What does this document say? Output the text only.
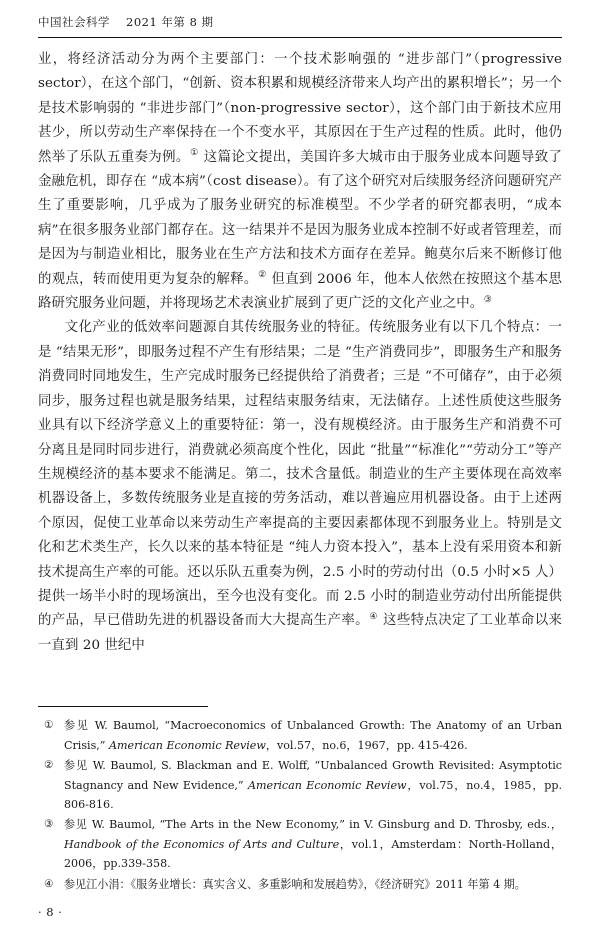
中国社会科学 2021 年第 8 期

业，将经济活动分为两个主要部门：一个技术影响强的 “进步部门”（progressive sector），在这个部门，“创新、资本积累和规模经济带来人均产出的累积增长”；另一个是技术影响弱的 “非进步部门”（non-progressive sector），这个部门由于新技术应用甚少，所以劳动生产率保持在一个不变水平，其原因在于生产过程的性质。此时，他仍然举了乐队五重奏为例。① 这篇论文提出，美国许多大城市由于服务业成本问题导致了金融危机，即存在 “成本病”（cost disease）。有了这个研究对后续服务经济问题研究产生了重要影响，几乎成为了服务业研究的标准模型。不少学者的研究都表明，“成本病”在很多服务业部门都存在。这一结果并不是因为服务业成本控制不好或者管理差，而是因为与制造业相比，服务业在生产方法和技术方面存在差异。鲍莫尔后来不断修订他的观点，转而使用更为复杂的解释。② 但直到 2006 年，他本人依然在按照这个基本思路研究服务业问题，并将现场艺术表演业扩展到了更广泛的文化产业之中。③

文化产业的低效率问题源自其传统服务业的特征。传统服务业有以下几个特点：一是 “结果无形”，即服务过程不产生有形结果；二是 “生产消费同步”，即服务生产和服务消费同时同地发生，生产完成时服务已经提供给了消费者；三是 “不可储存”，由于必须同步，服务过程也就是服务结果，过程结束服务结束，无法储存。上述性质使这些服务业具有以下经济学意义上的重要特征：第一，没有规模经济。由于服务生产和消费不可分离且是同时同步进行，消费就必须高度个性化，因此 “批量”“标准化”“劳动分工”等产生规模经济的基本要求不能满足。第二，技术含量低。制造业的生产主要体现在高效率机器设备上，多数传统服务业是直接的劳务活动，难以普遍应用机器设备。由于上述两个原因，促使工业革命以来劳动生产率提高的主要因素都体现不到服务业上。特别是文化和艺术类生产，长久以来的基本特征是 “纯人力资本投入”，基本上没有采用资本和新技术提高生产率的可能。还以乐队五重奏为例，2.5 小时的劳动付出（0.5 小时×5 人）提供一场半小时的现场演出，至今也没有变化。而 2.5 小时的制造业劳动付出所能提供的产品，早已借助先进的机器设备而大大提高生产率。④ 这些特点决定了工业革命以来一直到 20 世纪中

① 参见 W. Baumol, “Macroeconomics of Unbalanced Growth: The Anatomy of an Urban Crisis,” American Economic Review，vol.57，no.6，1967，pp. 415-426.
② 参见 W. Baumol, S. Blackman and E. Wolff, “Unbalanced Growth Revisited: Asymptotic Stagnancy and New Evidence,” American Economic Review，vol.75，no.4，1985，pp. 806-816.
③ 参见 W. Baumol, “The Arts in the New Economy,” in V. Ginsburg and D. Throsby, eds.，Handbook of the Economics of Arts and Culture，vol.1，Amsterdam：North-Holland，2006，pp.339-358.
④ 参见江小涓：《服务业增长：真实含义、多重影响和发展趋势》，《经济研究》2011 年第 4 期。
· 8 ·
